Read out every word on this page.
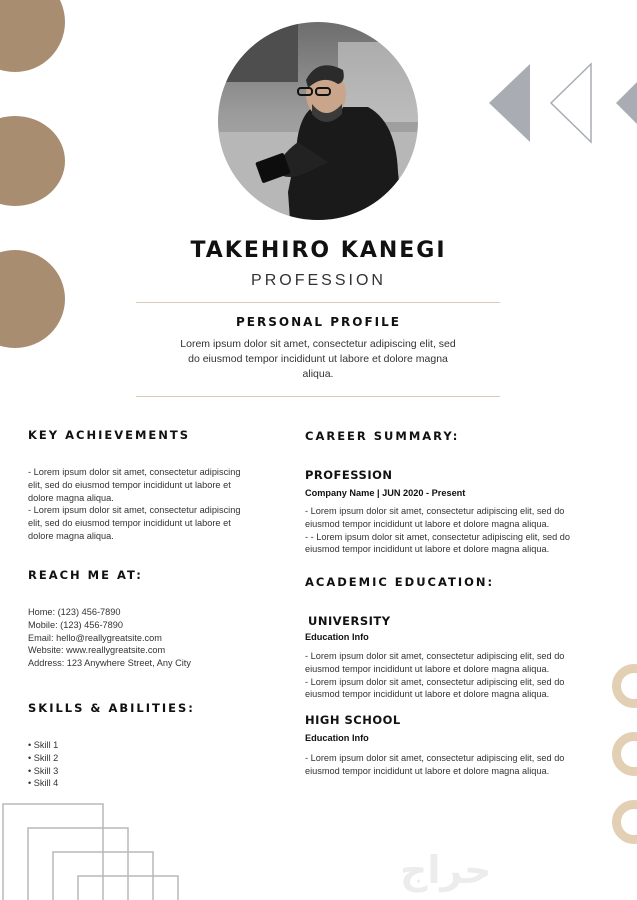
TAKEHIRO KANEGI
PROFESSION
PERSONAL PROFILE
Lorem ipsum dolor sit amet, consectetur adipiscing elit, sed
do eiusmod tempor incididunt ut labore et dolore magna
aliqua.
KEY ACHIEVEMENTS
- Lorem ipsum dolor sit amet, consectetur adipiscing
elit, sed do eiusmod tempor incididunt ut labore et
dolore magna aliqua.
- Lorem ipsum dolor sit amet, consectetur adipiscing
elit, sed do eiusmod tempor incididunt ut labore et
dolore magna aliqua.
REACH ME AT:
Home: (123) 456-7890
Mobile: (123) 456-7890
Email: hello@reallygreatsite.com
Website: www.reallygreatsite.com
Address: 123 Anywhere Street, Any City
SKILLS & ABILITIES:
• Skill 1
• Skill 2
• Skill 3
• Skill 4
CAREER SUMMARY:
PROFESSION
Company Name | JUN 2020 - Present
- Lorem ipsum dolor sit amet, consectetur adipiscing elit, sed do
eiusmod tempor incididunt ut labore et dolore magna aliqua.
- - Lorem ipsum dolor sit amet, consectetur adipiscing elit, sed do
eiusmod tempor incididunt ut labore et dolore magna aliqua.
ACADEMIC EDUCATION:
UNIVERSITY
Education Info
- Lorem ipsum dolor sit amet, consectetur adipiscing elit, sed do
eiusmod tempor incididunt ut labore et dolore magna aliqua.
- Lorem ipsum dolor sit amet, consectetur adipiscing elit, sed do
eiusmod tempor incididunt ut labore et dolore magna aliqua.
HIGH SCHOOL
Education Info
- Lorem ipsum dolor sit amet, consectetur adipiscing elit, sed do
eiusmod tempor incididunt ut labore et dolore magna aliqua.
حراج
